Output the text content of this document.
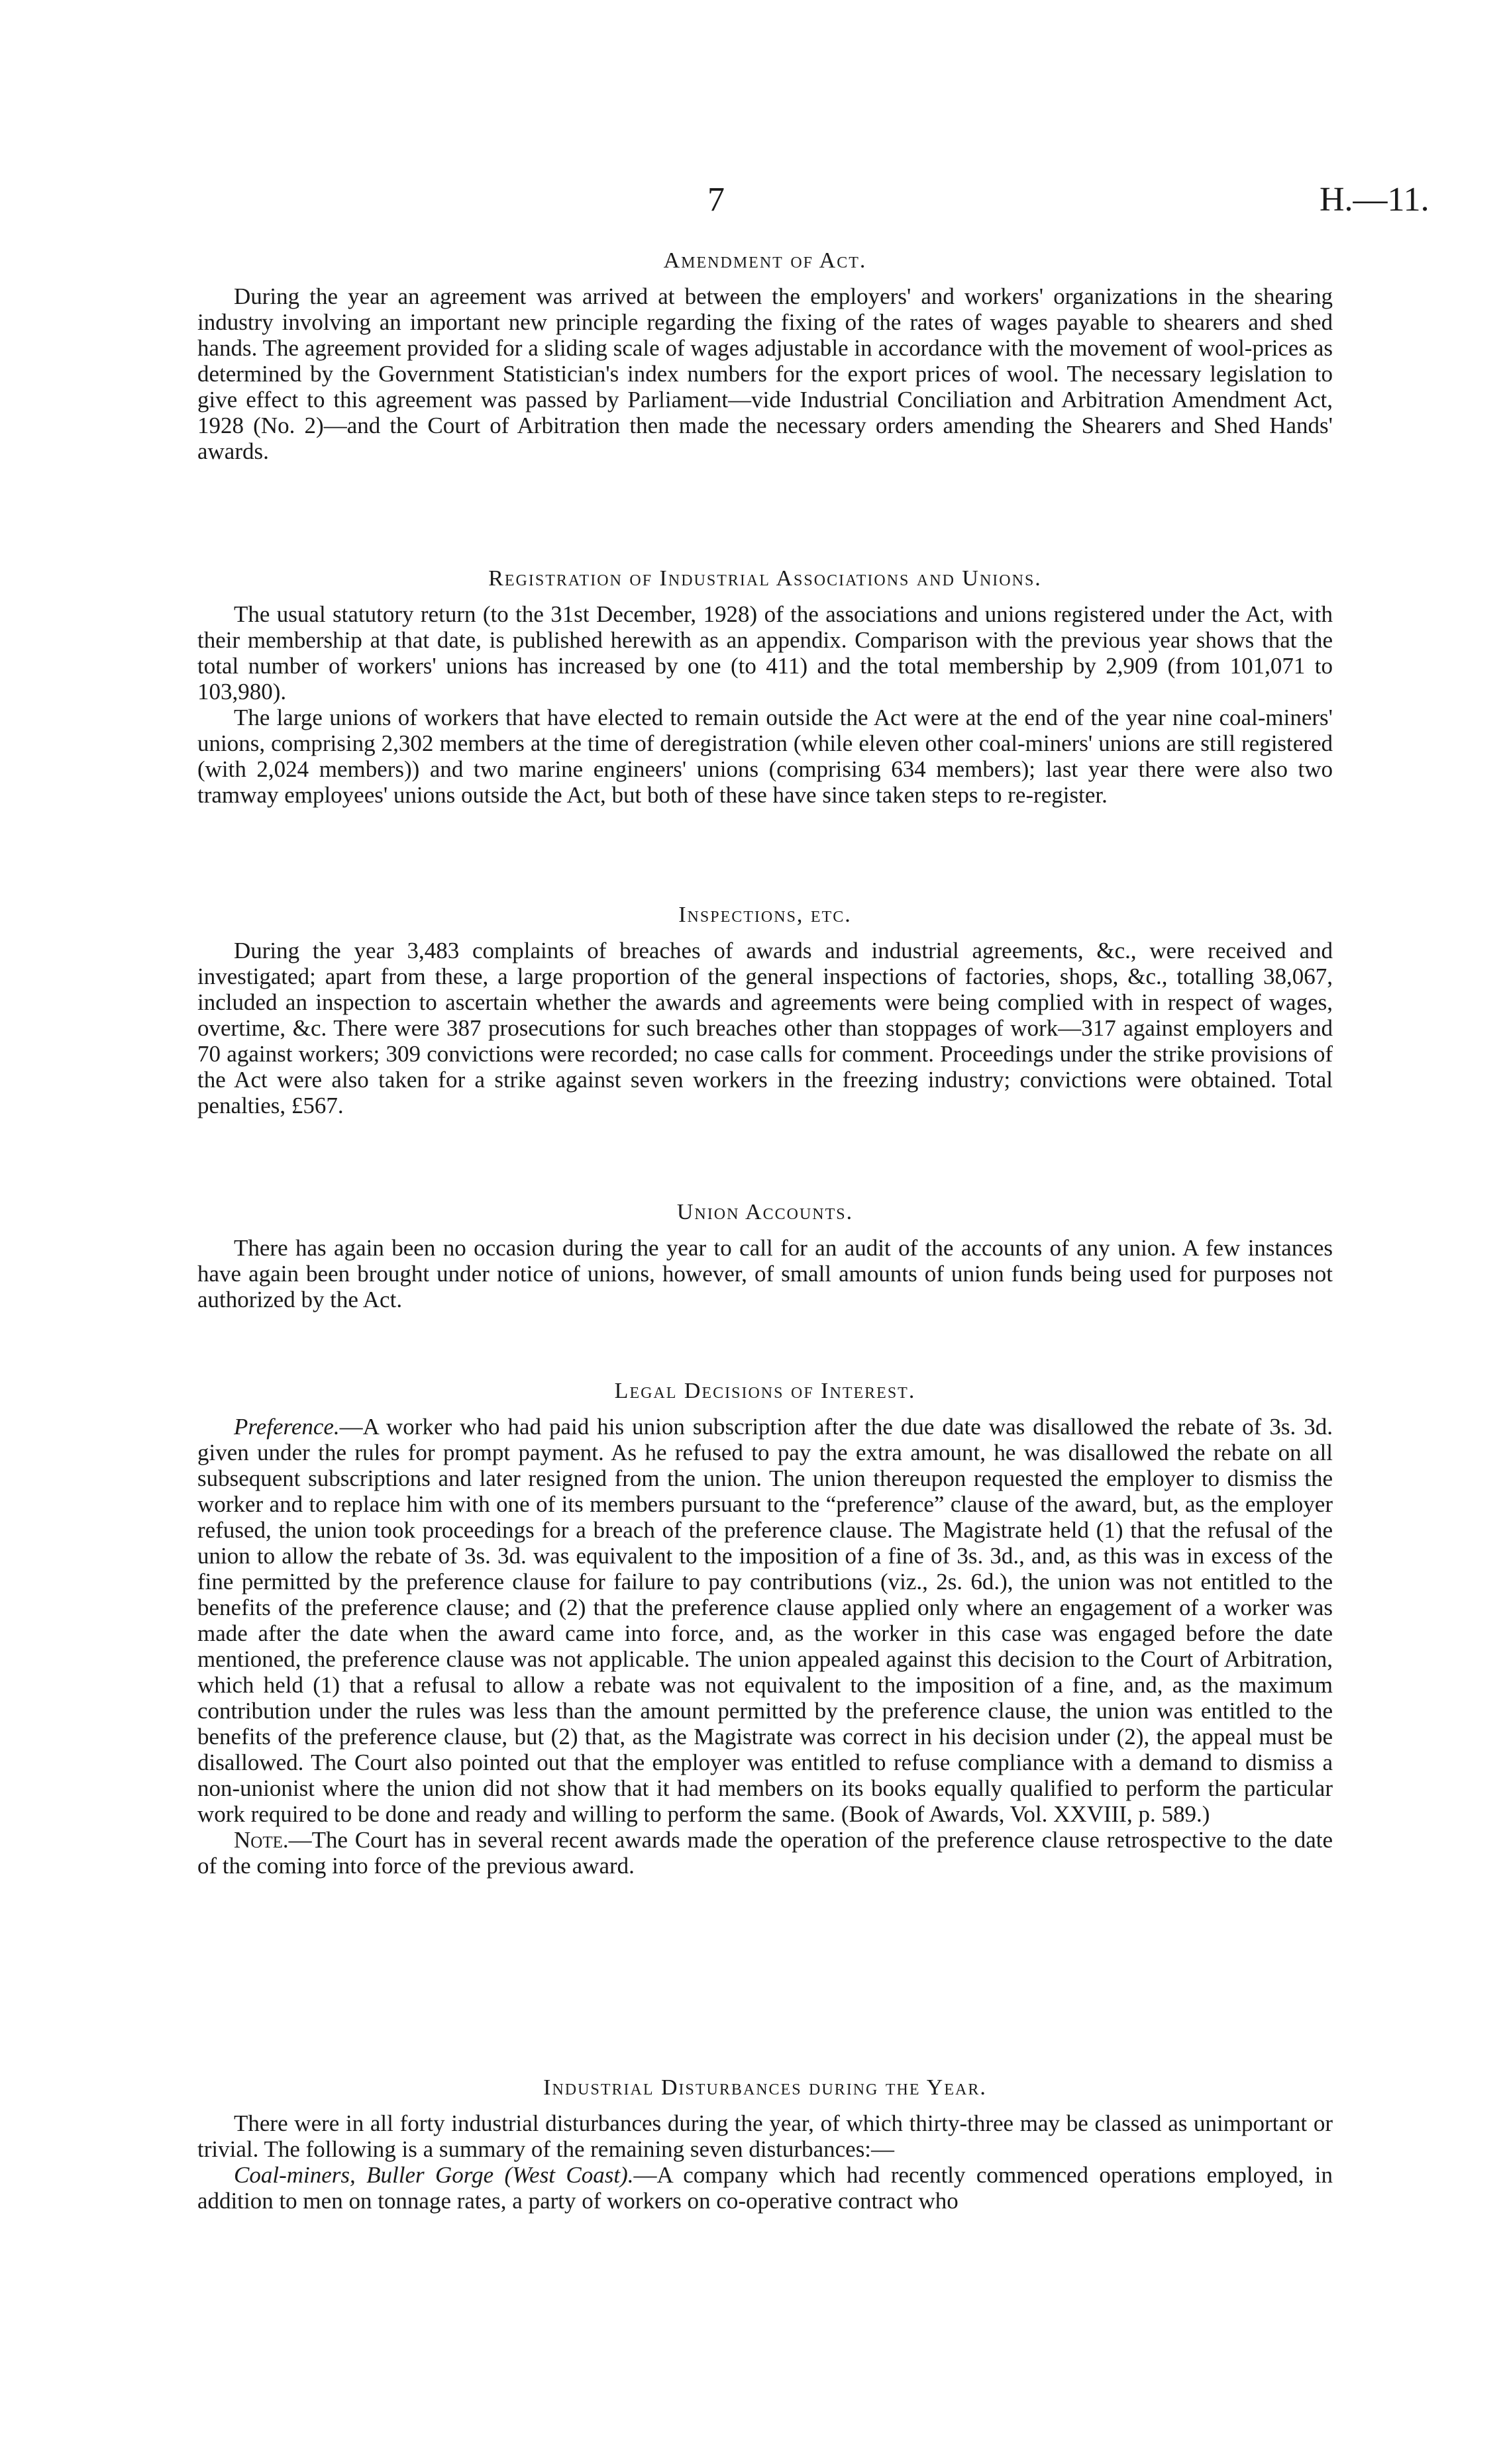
7	H.—11.
Amendment of Act.

During the year an agreement was arrived at between the employers' and workers' organizations in the shearing industry involving an important new principle regarding the fixing of the rates of wages payable to shearers and shed hands. The agreement provided for a sliding scale of wages adjustable in accordance with the movement of wool-prices as determined by the Government Statistician's index numbers for the export prices of wool. The necessary legislation to give effect to this agreement was passed by Parliament—vide Industrial Conciliation and Arbitration Amendment Act, 1928 (No. 2)—and the Court of Arbitration then made the necessary orders amending the Shearers and Shed Hands' awards.

Registration of Industrial Associations and Unions.

The usual statutory return (to the 31st December, 1928) of the associations and unions registered under the Act, with their membership at that date, is published herewith as an appendix. Comparison with the previous year shows that the total number of workers' unions has increased by one (to 411) and the total membership by 2,909 (from 101,071 to 103,980).

The large unions of workers that have elected to remain outside the Act were at the end of the year nine coal-miners' unions, comprising 2,302 members at the time of deregistration (while eleven other coal-miners' unions are still registered (with 2,024 members)) and two marine engineers' unions (comprising 634 members); last year there were also two tramway employees' unions outside the Act, but both of these have since taken steps to re-register.

Inspections, etc.

During the year 3,483 complaints of breaches of awards and industrial agreements, &c., were received and investigated; apart from these, a large proportion of the general inspections of factories, shops, &c., totalling 38,067, included an inspection to ascertain whether the awards and agreements were being complied with in respect of wages, overtime, &c. There were 387 prosecutions for such breaches other than stoppages of work—317 against employers and 70 against workers; 309 convictions were recorded; no case calls for comment. Proceedings under the strike provisions of the Act were also taken for a strike against seven workers in the freezing industry; convictions were obtained. Total penalties, £567.

Union Accounts.

There has again been no occasion during the year to call for an audit of the accounts of any union. A few instances have again been brought under notice of unions, however, of small amounts of union funds being used for purposes not authorized by the Act.

Legal Decisions of Interest.

Preference.—A worker who had paid his union subscription after the due date was disallowed the rebate of 3s. 3d. given under the rules for prompt payment. As he refused to pay the extra amount, he was disallowed the rebate on all subsequent subscriptions and later resigned from the union. The union thereupon requested the employer to dismiss the worker and to replace him with one of its members pursuant to the “preference” clause of the award, but, as the employer refused, the union took proceedings for a breach of the preference clause. The Magistrate held (1) that the refusal of the union to allow the rebate of 3s. 3d. was equivalent to the imposition of a fine of 3s. 3d., and, as this was in excess of the fine permitted by the preference clause for failure to pay contributions (viz., 2s. 6d.), the union was not entitled to the benefits of the preference clause; and (2) that the preference clause applied only where an engagement of a worker was made after the date when the award came into force, and, as the worker in this case was engaged before the date mentioned, the preference clause was not applicable. The union appealed against this decision to the Court of Arbitration, which held (1) that a refusal to allow a rebate was not equivalent to the imposition of a fine, and, as the maximum contribution under the rules was less than the amount permitted by the preference clause, the union was entitled to the benefits of the preference clause, but (2) that, as the Magistrate was correct in his decision under (2), the appeal must be disallowed. The Court also pointed out that the employer was entitled to refuse compliance with a demand to dismiss a non-unionist where the union did not show that it had members on its books equally qualified to perform the particular work required to be done and ready and willing to perform the same. (Book of Awards, Vol. XXVIII, p. 589.)

Note.—The Court has in several recent awards made the operation of the preference clause retrospective to the date of the coming into force of the previous award.

Industrial Disturbances during the Year.

There were in all forty industrial disturbances during the year, of which thirty-three may be classed as unimportant or trivial. The following is a summary of the remaining seven disturbances:—

Coal-miners, Buller Gorge (West Coast).—A company which had recently commenced operations employed, in addition to men on tonnage rates, a party of workers on co-operative contract who
